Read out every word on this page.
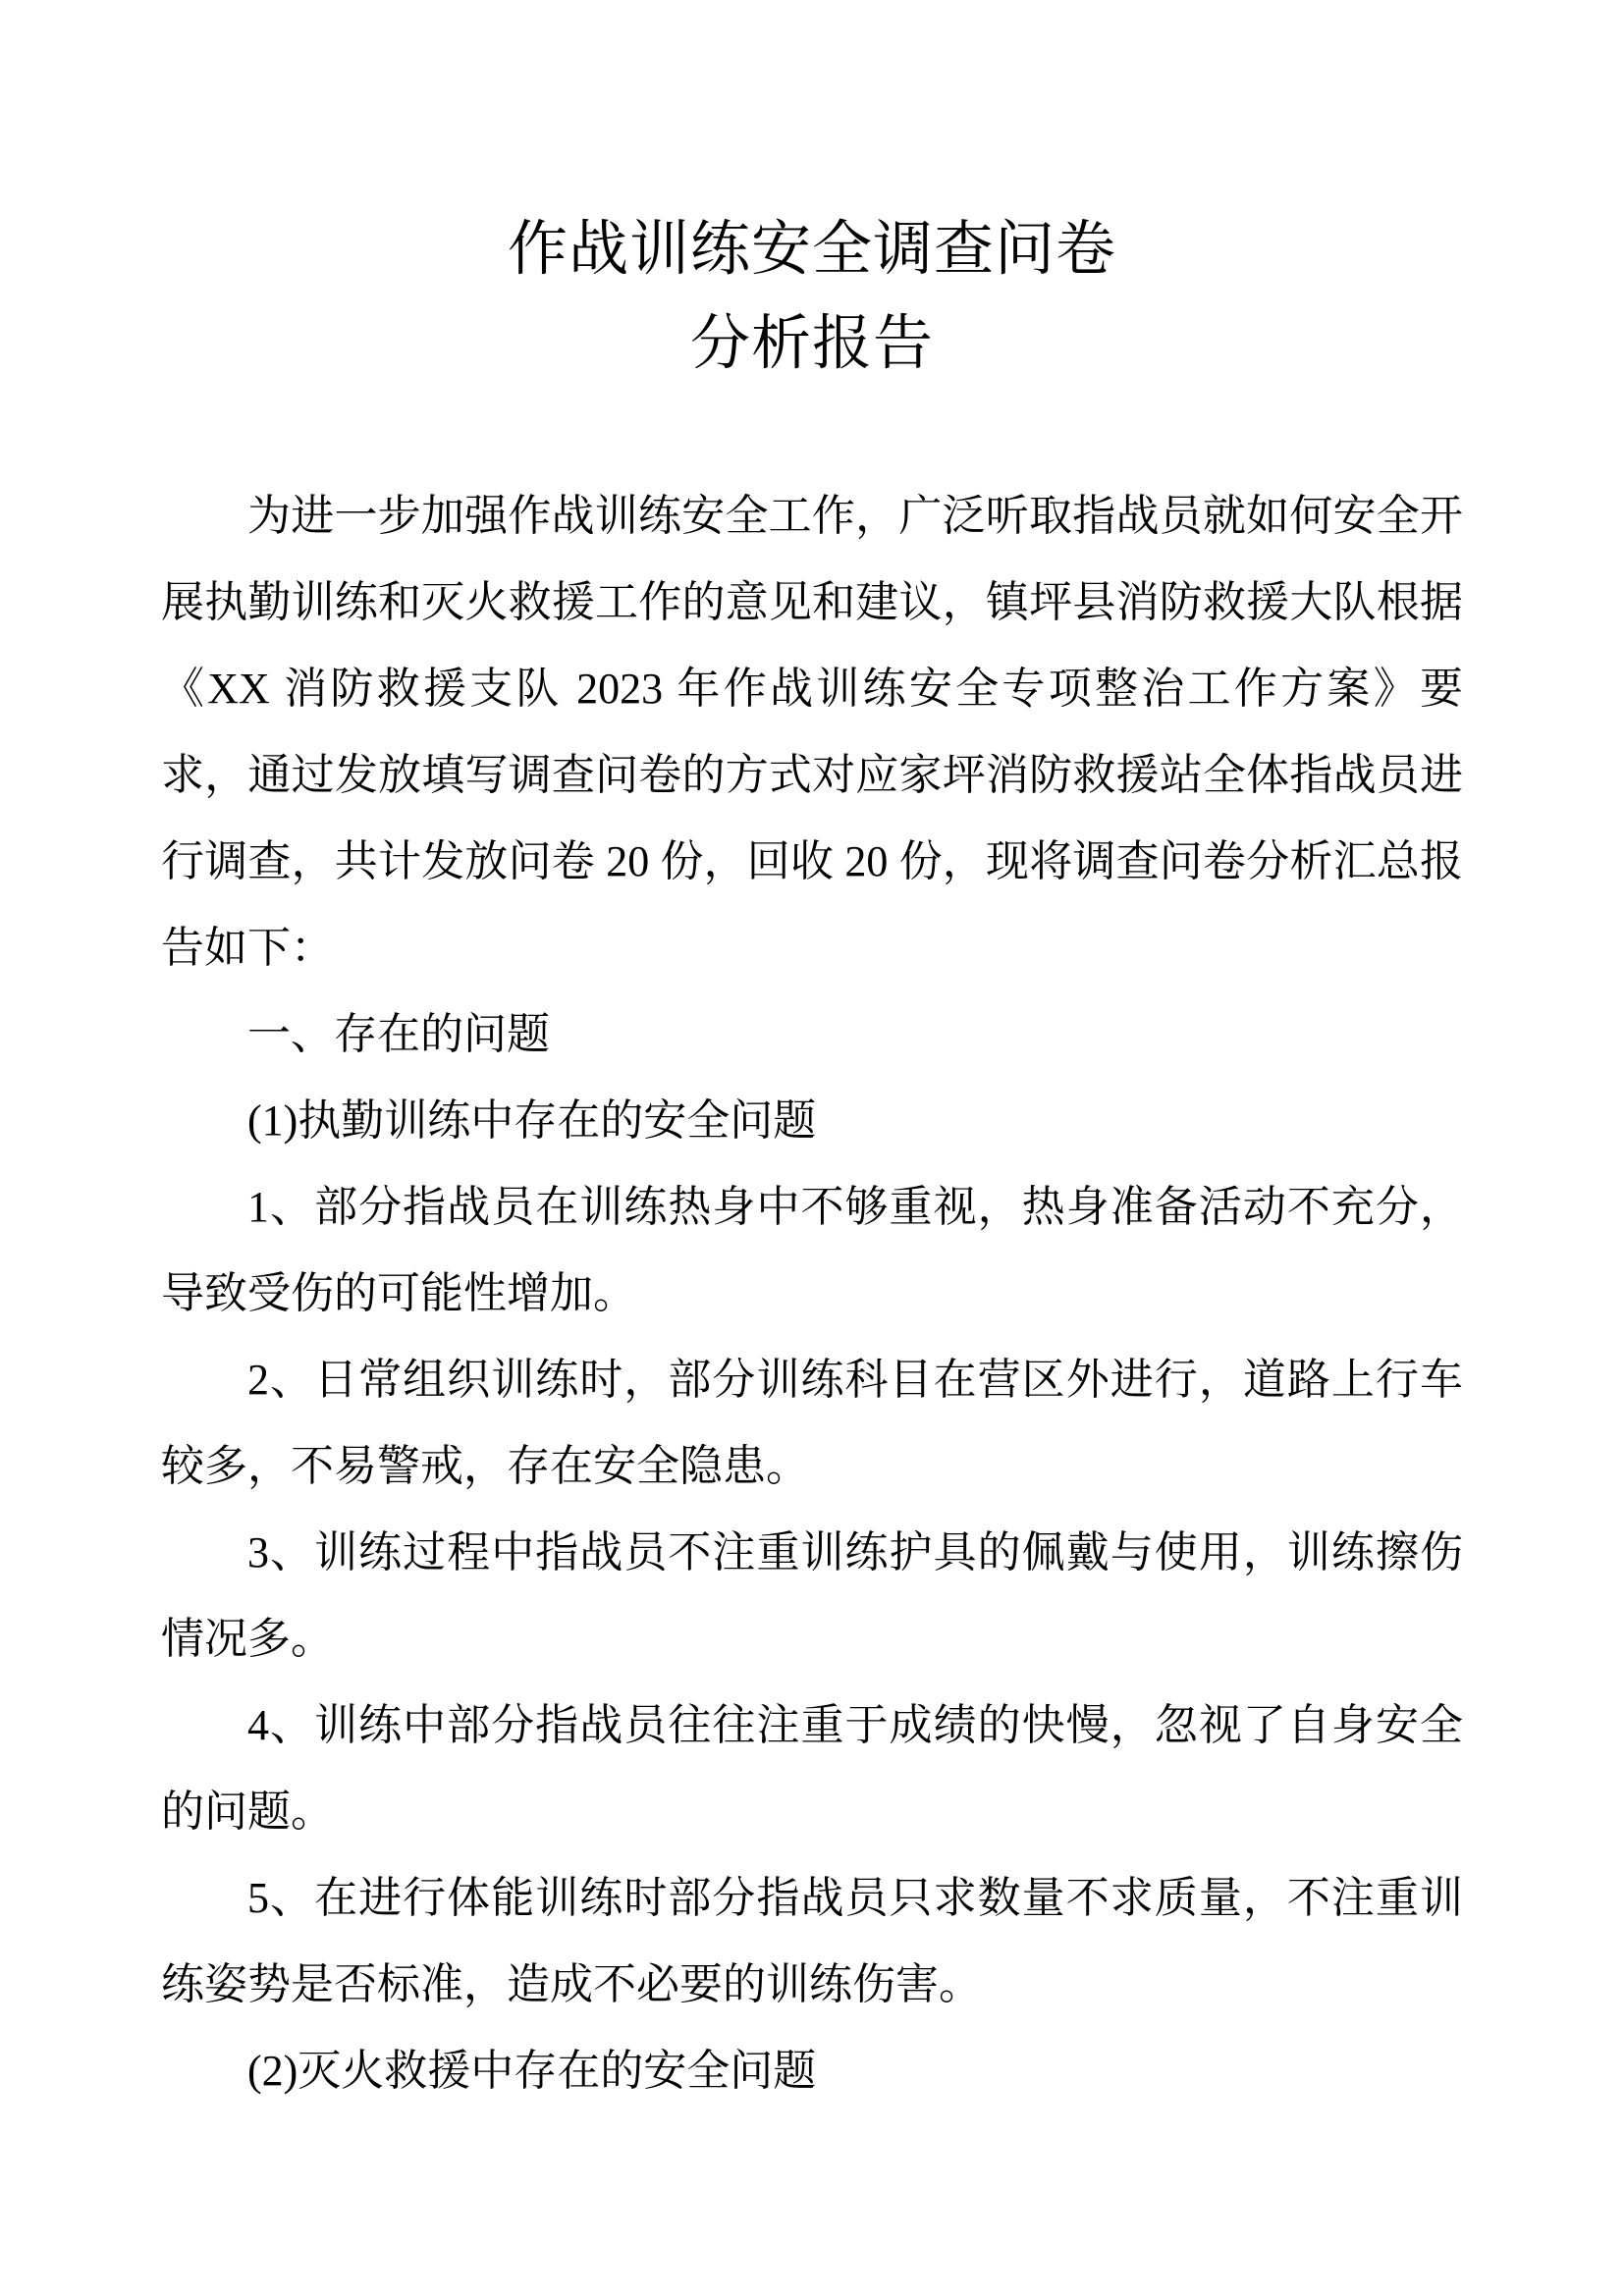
作战训练安全调查问卷
分析报告

为进一步加强作战训练安全工作，广泛听取指战员就如何安全开展执勤训练和灭火救援工作的意见和建议，镇坪县消防救援大队根据《XX 消防救援支队 2023 年作战训练安全专项整治工作方案》要求，通过发放填写调查问卷的方式对应家坪消防救援站全体指战员进行调查，共计发放问卷 20 份，回收 20 份，现将调查问卷分析汇总报告如下：

一、存在的问题

(1)执勤训练中存在的安全问题

1、部分指战员在训练热身中不够重视，热身准备活动不充分，导致受伤的可能性增加。

2、日常组织训练时，部分训练科目在营区外进行，道路上行车较多，不易警戒，存在安全隐患。

3、训练过程中指战员不注重训练护具的佩戴与使用，训练擦伤情况多。

4、训练中部分指战员往往注重于成绩的快慢，忽视了自身安全的问题。

5、在进行体能训练时部分指战员只求数量不求质量，不注重训练姿势是否标准，造成不必要的训练伤害。

(2)灭火救援中存在的安全问题
